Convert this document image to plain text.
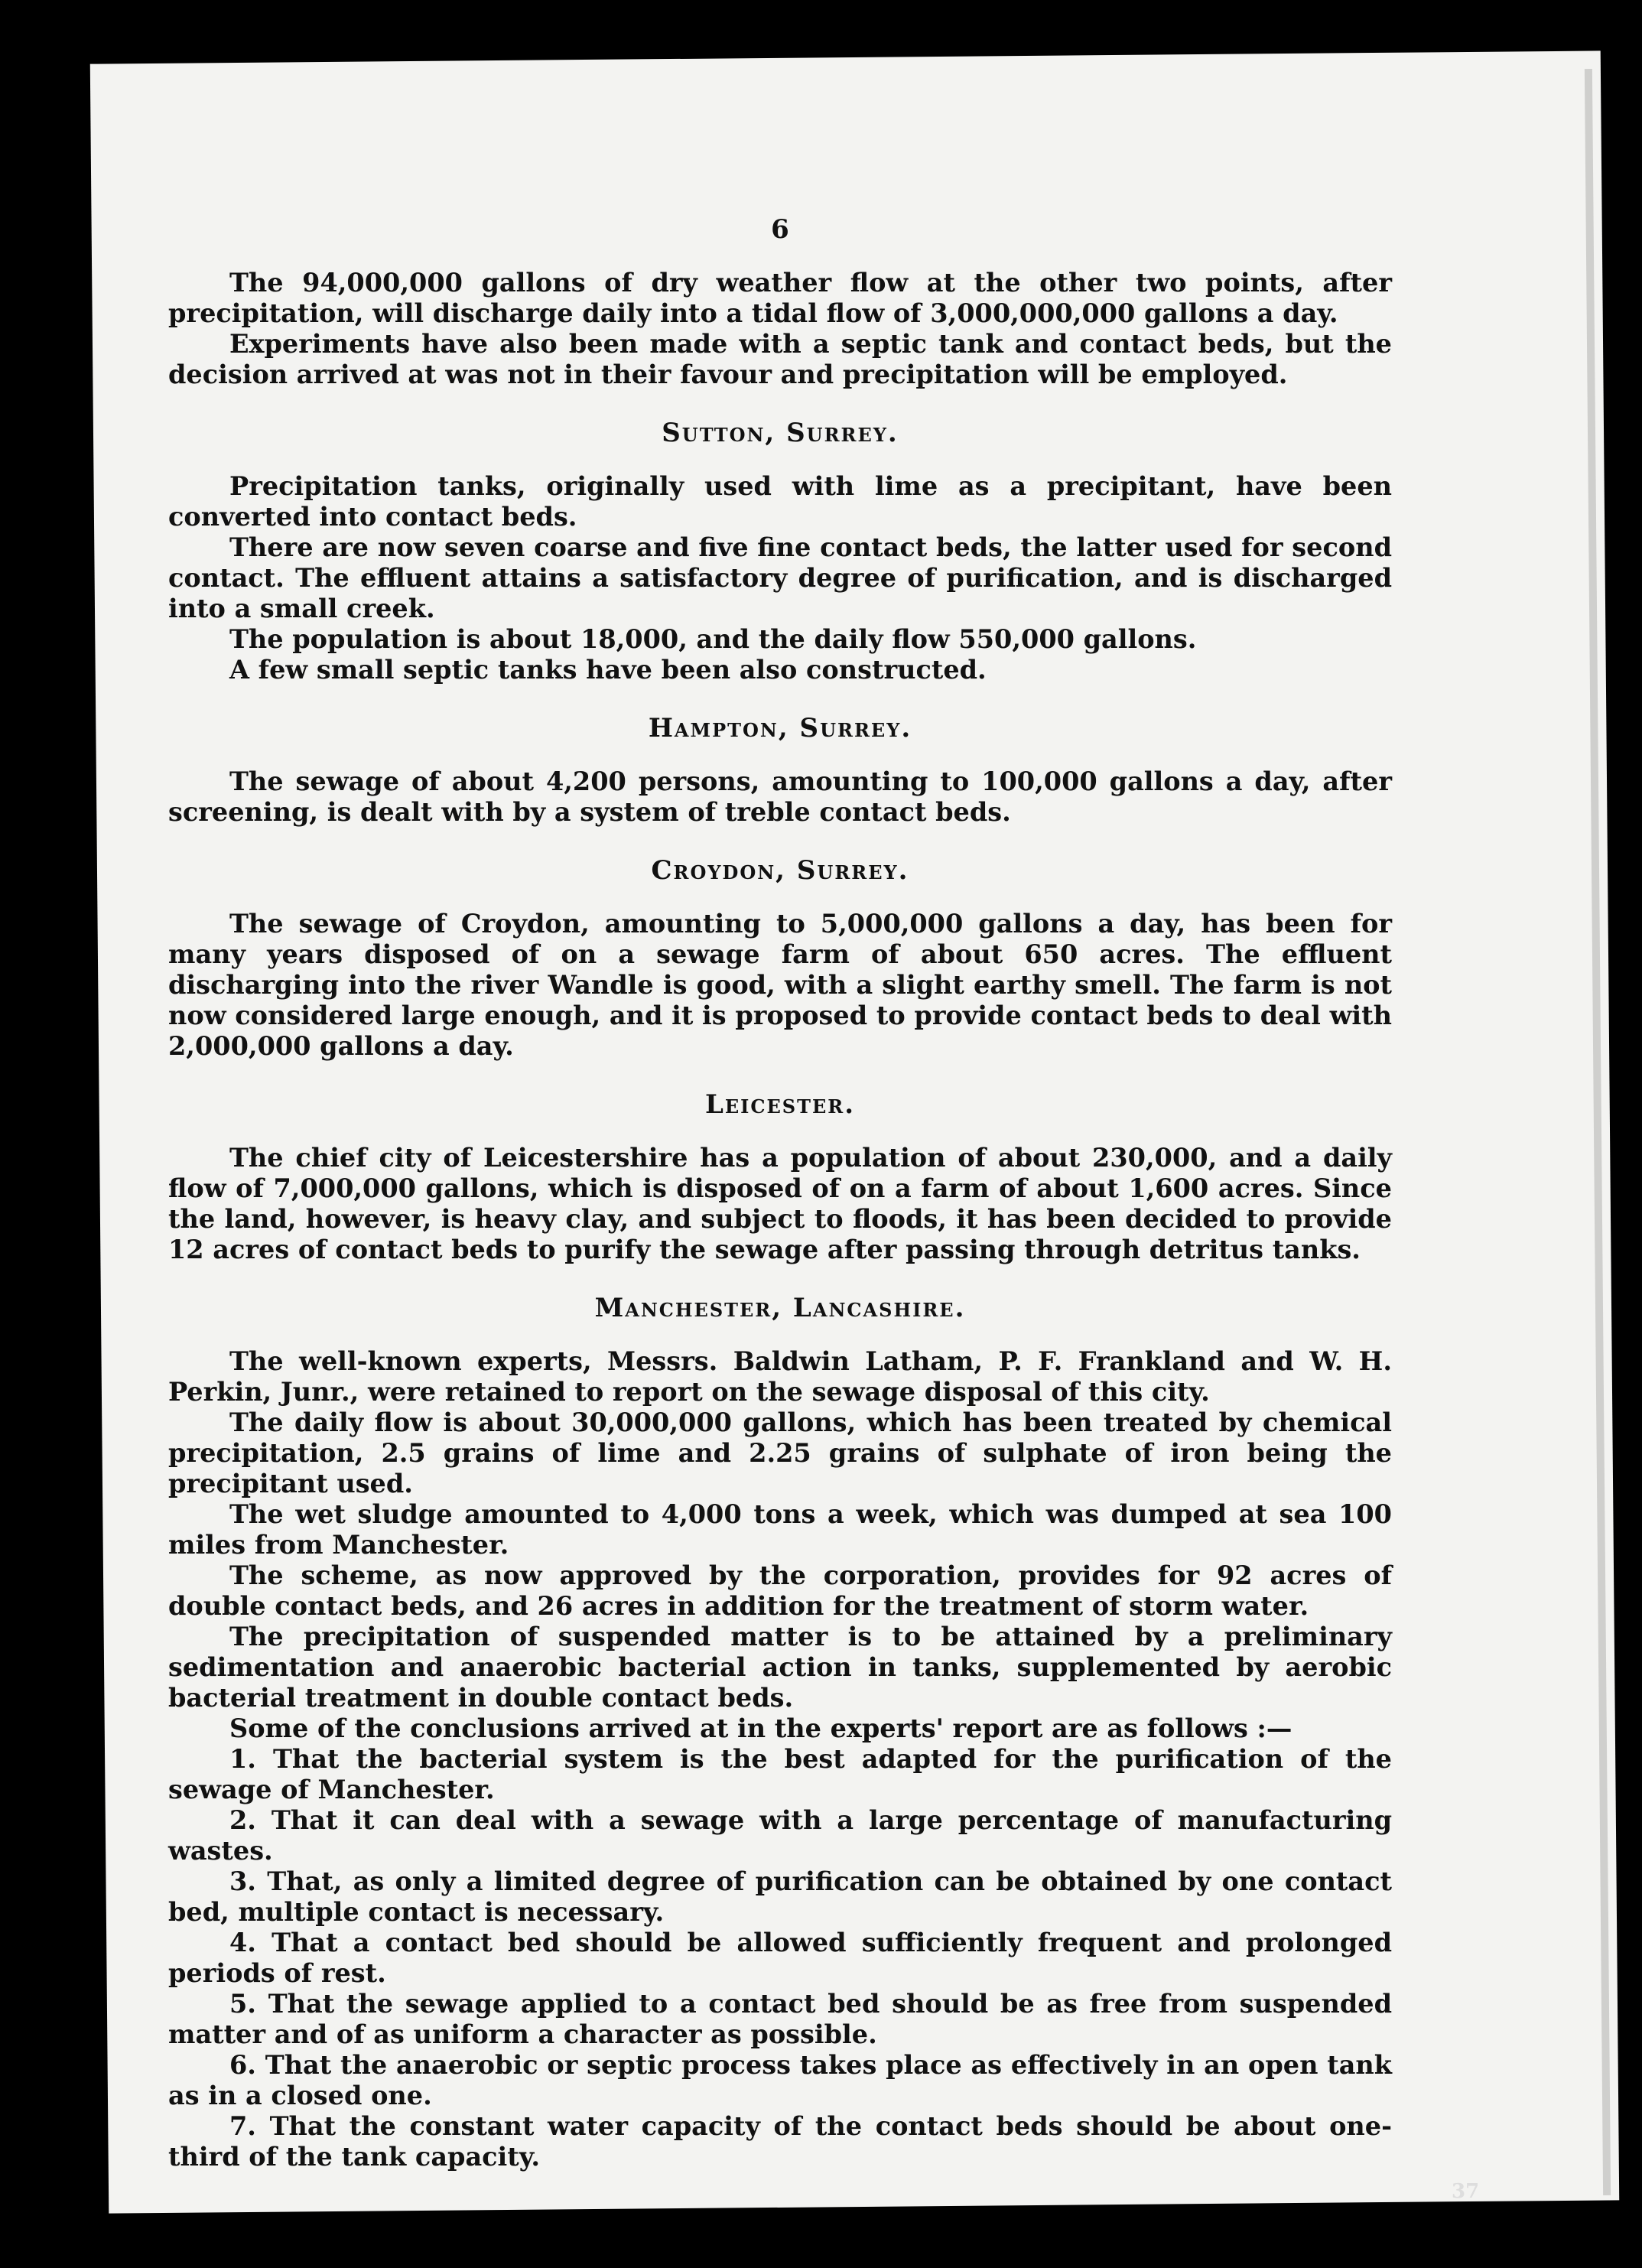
6

The 94,000,000 gallons of dry weather flow at the other two points, after precipitation, will discharge daily into a tidal flow of 3,000,000,000 gallons a day.

Experiments have also been made with a septic tank and contact beds, but the decision arrived at was not in their favour and precipitation will be employed.

Sutton, Surrey.

Precipitation tanks, originally used with lime as a precipitant, have been converted into contact beds.

There are now seven coarse and five fine contact beds, the latter used for second contact. The effluent attains a satisfactory degree of purification, and is discharged into a small creek.

The population is about 18,000, and the daily flow 550,000 gallons.

A few small septic tanks have been also constructed.

Hampton, Surrey.

The sewage of about 4,200 persons, amounting to 100,000 gallons a day, after screening, is dealt with by a system of treble contact beds.

Croydon, Surrey.

The sewage of Croydon, amounting to 5,000,000 gallons a day, has been for many years disposed of on a sewage farm of about 650 acres. The effluent discharging into the river Wandle is good, with a slight earthy smell. The farm is not now considered large enough, and it is proposed to provide contact beds to deal with 2,000,000 gallons a day.

Leicester.

The chief city of Leicestershire has a population of about 230,000, and a daily flow of 7,000,000 gallons, which is disposed of on a farm of about 1,600 acres. Since the land, however, is heavy clay, and subject to floods, it has been decided to provide 12 acres of contact beds to purify the sewage after passing through detritus tanks.

Manchester, Lancashire.

The well-known experts, Messrs. Baldwin Latham, P. F. Frankland and W. H. Perkin, Junr., were retained to report on the sewage disposal of this city.

The daily flow is about 30,000,000 gallons, which has been treated by chemical precipitation, 2.5 grains of lime and 2.25 grains of sulphate of iron being the precipitant used.

The wet sludge amounted to 4,000 tons a week, which was dumped at sea 100 miles from Manchester.

The scheme, as now approved by the corporation, provides for 92 acres of double contact beds, and 26 acres in addition for the treatment of storm water.

The precipitation of suspended matter is to be attained by a preliminary sedimentation and anaerobic bacterial action in tanks, supplemented by aerobic bacterial treatment in double contact beds.

Some of the conclusions arrived at in the experts' report are as follows :—

1. That the bacterial system is the best adapted for the purification of the sewage of Manchester.

2. That it can deal with a sewage with a large percentage of manufacturing wastes.

3. That, as only a limited degree of purification can be obtained by one contact bed, multiple contact is necessary.

4. That a contact bed should be allowed sufficiently frequent and prolonged periods of rest.

5. That the sewage applied to a contact bed should be as free from suspended matter and of as uniform a character as possible.

6. That the anaerobic or septic process takes place as effectively in an open tank as in a closed one.

7. That the constant water capacity of the contact beds should be about one-third of the tank capacity.

37
